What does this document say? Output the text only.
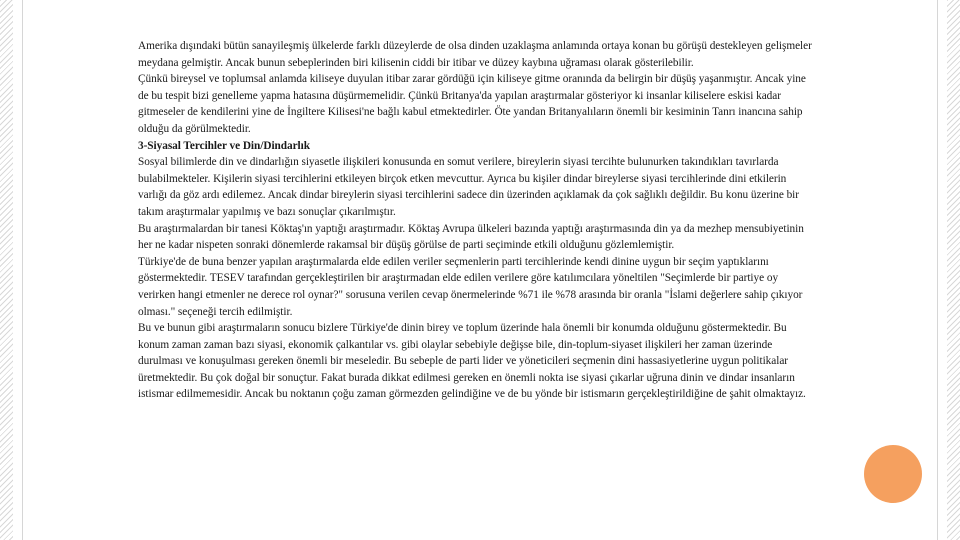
Amerika dışındaki bütün sanayileşmiş ülkelerde farklı düzeylerde de olsa dinden uzaklaşma anlamında ortaya konan bu görüşü destekleyen gelişmeler meydana gelmiştir. Ancak bunun sebeplerinden biri kilisenin ciddi bir itibar ve düzey kaybına uğraması olarak gösterilebilir.

Çünkü bireysel ve toplumsal anlamda kiliseye duyulan itibar zarar gördüğü için kiliseye gitme oranında da belirgin bir düşüş yaşanmıştır. Ancak yine de bu tespit bizi genelleme yapma hatasına düşürmemelidir. Çünkü Britanya'da yapılan araştırmalar gösteriyor ki insanlar kiliselere eskisi kadar gitmeseler de kendilerini yine de İngiltere Kilisesi'ne bağlı kabul etmektedirler. Öte yandan Britanyalıların önemli bir kesiminin Tanrı inancına sahip olduğu da görülmektedir.

3-Siyasal Tercihler ve Din/Dindarlık

Sosyal bilimlerde din ve dindarlığın siyasetle ilişkileri konusunda en somut verilere, bireylerin siyasi tercihte bulunurken takındıkları tavırlarda bulabilmekteler. Kişilerin siyasi tercihlerini etkileyen birçok etken mevcuttur. Ayrıca bu kişiler dindar bireylerse siyasi tercihlerinde dini etkilerin varlığı da göz ardı edilemez. Ancak dindar bireylerin siyasi tercihlerini sadece din üzerinden açıklamak da çok sağlıklı değildir. Bu konu üzerine bir takım araştırmalar yapılmış ve bazı sonuçlar çıkarılmıştır.

Bu araştırmalardan bir tanesi Köktaş'ın yaptığı araştırmadır. Köktaş Avrupa ülkeleri bazında yaptığı araştırmasında din ya da mezhep mensubiyetinin her ne kadar nispeten sonraki dönemlerde rakamsal bir düşüş görülse de parti seçiminde etkili olduğunu gözlemlemiştir.

Türkiye'de de buna benzer yapılan araştırmalarda elde edilen veriler seçmenlerin parti tercihlerinde kendi dinine uygun bir seçim yaptıklarını göstermektedir. TESEV tarafından gerçekleştirilen bir araştırmadan elde edilen verilere göre katılımcılara yöneltilen "Seçimlerde bir partiye oy verirken hangi etmenler ne derece rol oynar?" sorusuna verilen cevap önermelerinde %71 ile %78 arasında bir oranla "İslami değerlere sahip çıkıyor olması." seçeneği tercih edilmiştir.

Bu ve bunun gibi araştırmaların sonucu bizlere Türkiye'de dinin birey ve toplum üzerinde hala önemli bir konumda olduğunu göstermektedir. Bu konum zaman zaman bazı siyasi, ekonomik çalkantılar vs. gibi olaylar sebebiyle değişse bile, din-toplum-siyaset ilişkileri her zaman üzerinde durulması ve konuşulması gereken önemli bir meseledir. Bu sebeple de parti lider ve yöneticileri seçmenin dini hassasiyetlerine uygun politikalar üretmektedir. Bu çok doğal bir sonuçtur. Fakat burada dikkat edilmesi gereken en önemli nokta ise siyasi çıkarlar uğruna dinin ve dindar insanların istismar edilmemesidir. Ancak bu noktanın çoğu zaman görmezden gelindiğine ve de bu yönde bir istismarın gerçekleştirildiğine de şahit olmaktayız.
